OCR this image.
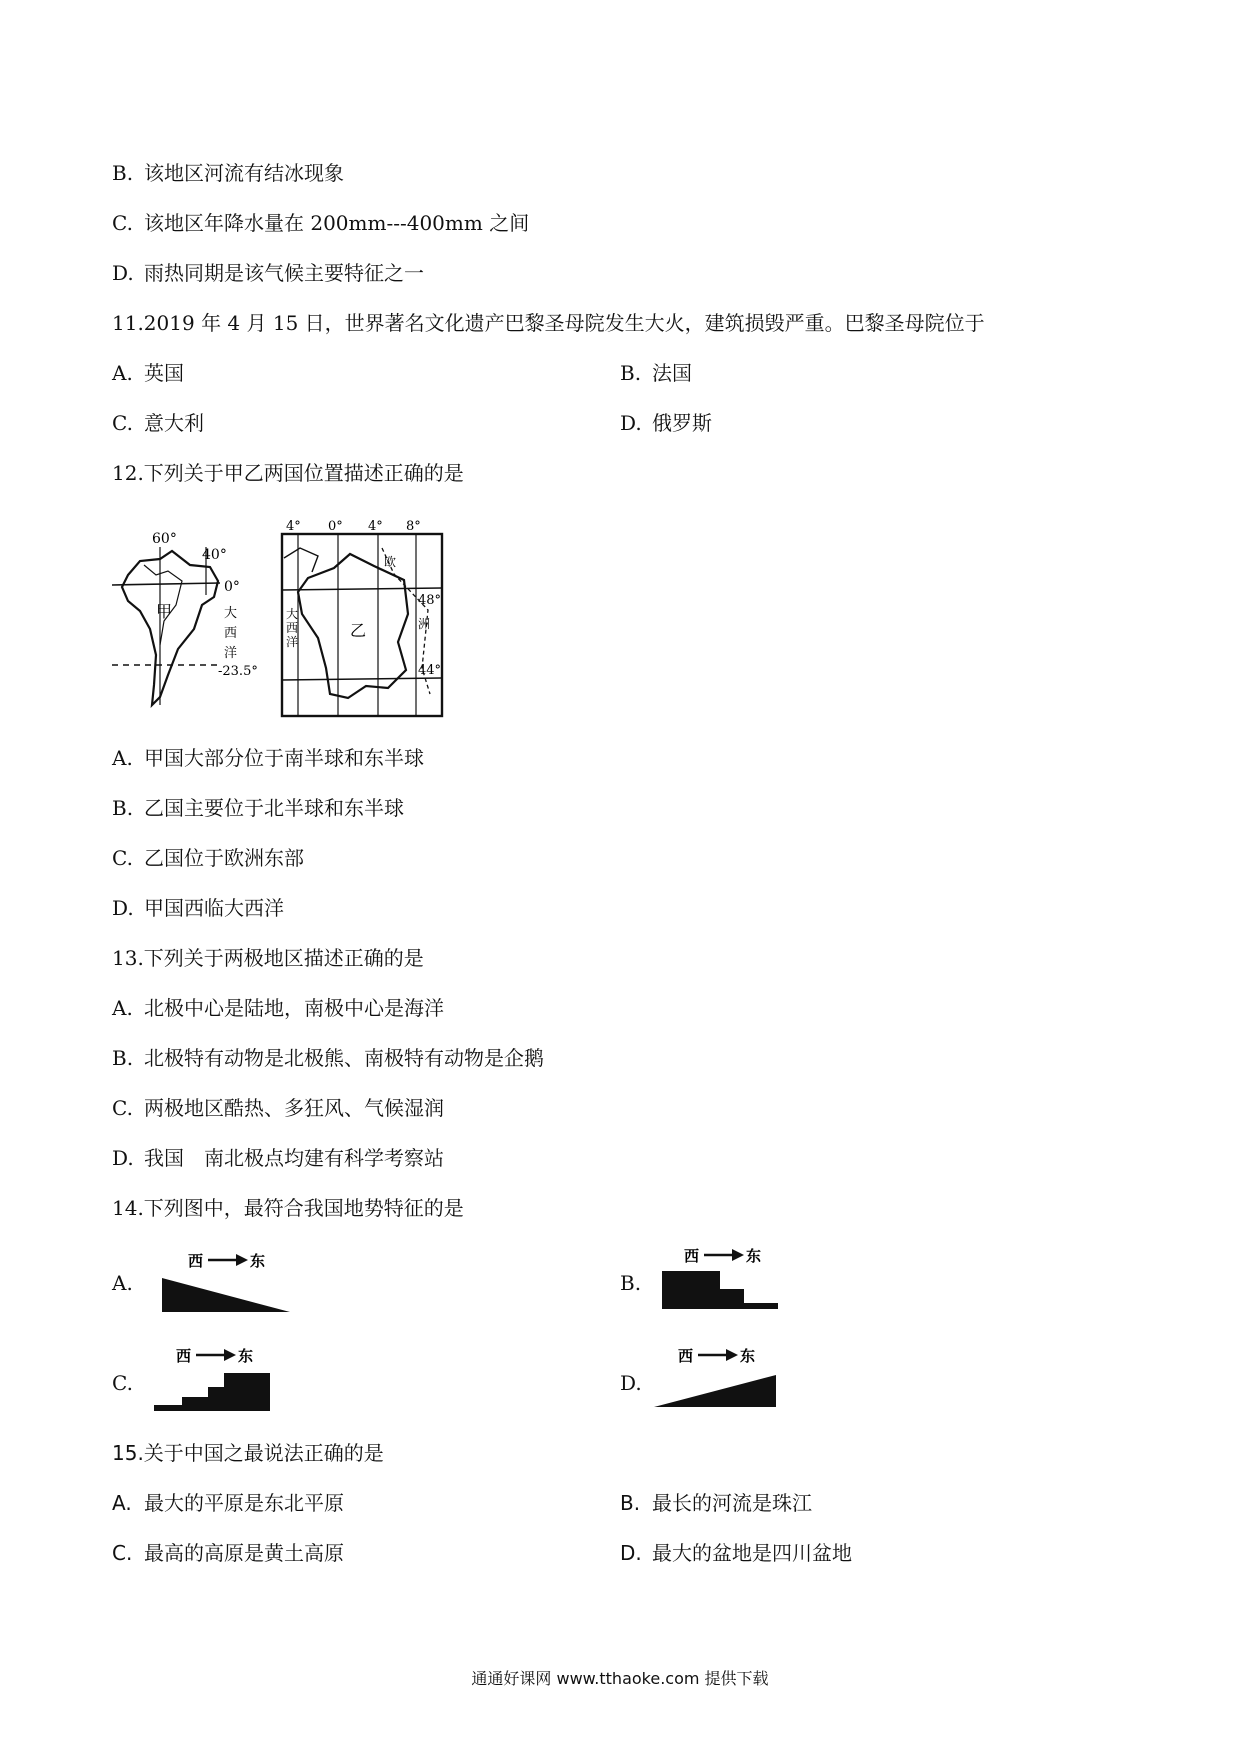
B. 该地区河流有结冰现象
C. 该地区年降水量在 200mm---400mm 之间
D. 雨热同期是该气候主要特征之一
11.2019 年 4 月 15 日，世界著名文化遗产巴黎圣母院发生大火，建筑损毁严重。巴黎圣母院位于
A. 英国	B. 法国
C. 意大利	D. 俄罗斯
12.下列关于甲乙两国位置描述正确的是
甲
60°
40°
0°
大
西
洋
-23.5°
乙
4° 0° 4° 8°
48°
44°
欧
洲
大
西
洋
A. 甲国大部分位于南半球和东半球
B. 乙国主要位于北半球和东半球
C. 乙国位于欧洲东部
D. 甲国西临大西洋
13.下列关于两极地区描述正确的是
A. 北极中心是陆地，南极中心是海洋
B. 北极特有动物是北极熊、南极特有动物是企鹅
C. 两极地区酷热、多狂风、气候湿润
D. 我国　南北极点均建有科学考察站
14.下列图中，最符合我国地势特征的是
A.
西	东
B.
西	东
C.
西	东
D.
西	东
15.关于中国之最说法正确的是
A. 最大的平原是东北平原	B. 最长的河流是珠江
C. 最高的高原是黄土高原	D. 最大的盆地是四川盆地
通通好课网 www.tthaoke.com 提供下载
